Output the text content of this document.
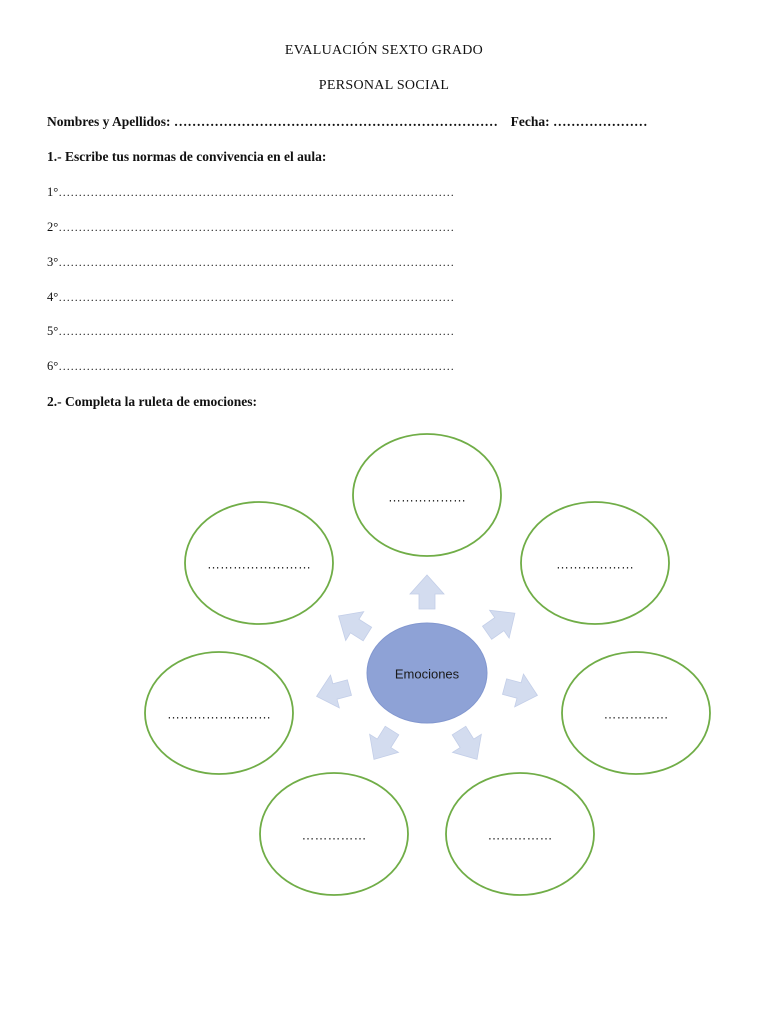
EVALUACIÓN SEXTO GRADO
PERSONAL SOCIAL
Nombres y Apellidos: ……………………………………………………………… Fecha: …………………
1.- Escribe tus normas de convivencia en el aula:
1°………………………………………………………………………………………
2°………………………………………………………………………………………
3°………………………………………………………………………………………
4°………………………………………………………………………………………
5°………………………………………………………………………………………
6°………………………………………………………………………………………
2.- Completa la ruleta de emociones:
Emociones
………………
………………
……………………
……………………	……………
……………	……………
